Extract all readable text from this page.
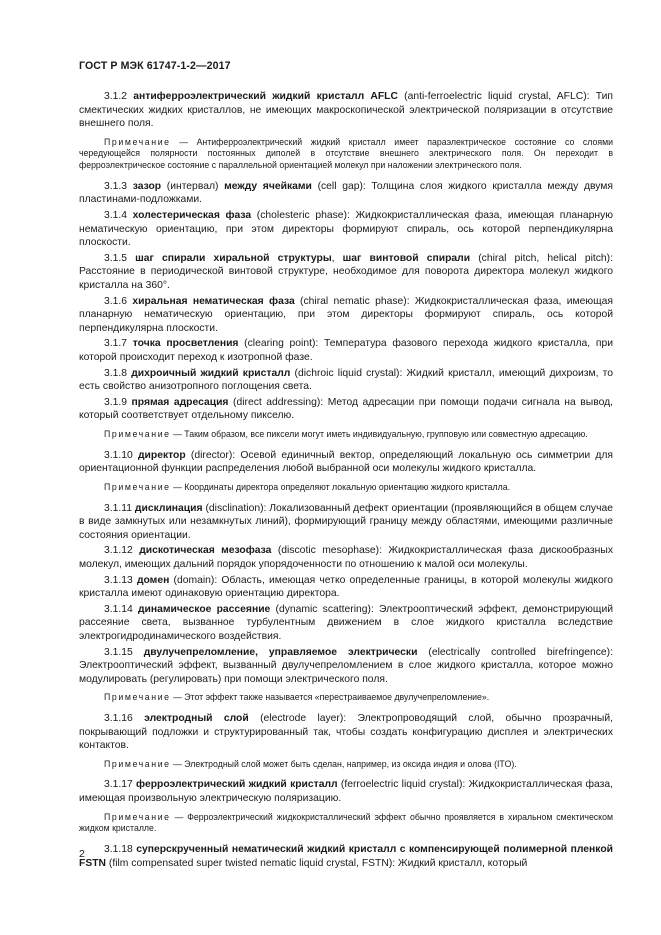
ГОСТ Р МЭК 61747-1-2—2017

3.1.2 антиферроэлектрический жидкий кристалл AFLC (anti-ferroelectric liquid crystal, AFLC): Тип смектических жидких кристаллов, не имеющих макроскопической электрической поляризации в отсутствие внешнего поля.

Примечание — Антиферроэлектрический жидкий кристалл имеет параэлектрическое состояние со слоями чередующейся полярности постоянных диполей в отсутствие внешнего электрического поля. Он переходит в ферроэлектрическое состояние с параллельной ориентацией молекул при наложении электрического поля.

3.1.3 зазор (интервал) между ячейками (cell gap): Толщина слоя жидкого кристалла между двумя пластинами-подложками.

3.1.4 холестерическая фаза (cholesteric phase): Жидкокристаллическая фаза, имеющая планарную нематическую ориентацию, при этом директоры формируют спираль, ось которой перпендикулярна плоскости.

3.1.5 шаг спирали хиральной структуры, шаг винтовой спирали (chiral pitch, helical pitch): Расстояние в периодической винтовой структуре, необходимое для поворота директора молекул жидкого кристалла на 360°.

3.1.6 хиральная нематическая фаза (chiral nematic phase): Жидкокристаллическая фаза, имеющая планарную нематическую ориентацию, при этом директоры формируют спираль, ось которой перпендикулярна плоскости.

3.1.7 точка просветления (clearing point): Температура фазового перехода жидкого кристалла, при которой происходит переход к изотропной фазе.

3.1.8 дихроичный жидкий кристалл (dichroic liquid crystal): Жидкий кристалл, имеющий дихроизм, то есть свойство анизотропного поглощения света.

3.1.9 прямая адресация (direct addressing): Метод адресации при помощи подачи сигнала на вывод, который соответствует отдельному пикселю.

Примечание — Таким образом, все пиксели могут иметь индивидуальную, групповую или совместную адресацию.

3.1.10 директор (director): Осевой единичный вектор, определяющий локальную ось симметрии для ориентационной функции распределения любой выбранной оси молекулы жидкого кристалла.

Примечание — Координаты директора определяют локальную ориентацию жидкого кристалла.

3.1.11 дисклинация (disclination): Локализованный дефект ориентации (проявляющийся в общем случае в виде замкнутых или незамкнутых линий), формирующий границу между областями, имеющими различные состояния ориентации.

3.1.12 дискотическая мезофаза (discotic mesophase): Жидкокристаллическая фаза дискообразных молекул, имеющих дальний порядок упорядоченности по отношению к малой оси молекулы.

3.1.13 домен (domain): Область, имеющая четко определенные границы, в которой молекулы жидкого кристалла имеют одинаковую ориентацию директора.

3.1.14 динамическое рассеяние (dynamic scattering): Электрооптический эффект, демонстрирующий рассеяние света, вызванное турбулентным движением в слое жидкого кристалла вследствие электрогидродинамического воздействия.

3.1.15 двулучепреломление, управляемое электрически (electrically controlled birefringence): Электрооптический эффект, вызванный двулучепреломлением в слое жидкого кристалла, которое можно модулировать (регулировать) при помощи электрического поля.

Примечание — Этот эффект также называется «перестраиваемое двулучепреломление».

3.1.16 электродный слой (electrode layer): Электропроводящий слой, обычно прозрачный, покрывающий подложки и структурированный так, чтобы создать конфигурацию дисплея и электрических контактов.

Примечание — Электродный слой может быть сделан, например, из оксида индия и олова (ITO).

3.1.17 ферроэлектрический жидкий кристалл (ferroelectric liquid crystal): Жидкокристаллическая фаза, имеющая произвольную электрическую поляризацию.

Примечание — Ферроэлектрический жидкокристаллический эффект обычно проявляется в хиральном смектическом жидком кристалле.

3.1.18 суперскрученный нематический жидкий кристалл с компенсирующей полимерной пленкой FSTN (film compensated super twisted nematic liquid crystal, FSTN): Жидкий кристалл, который

2
